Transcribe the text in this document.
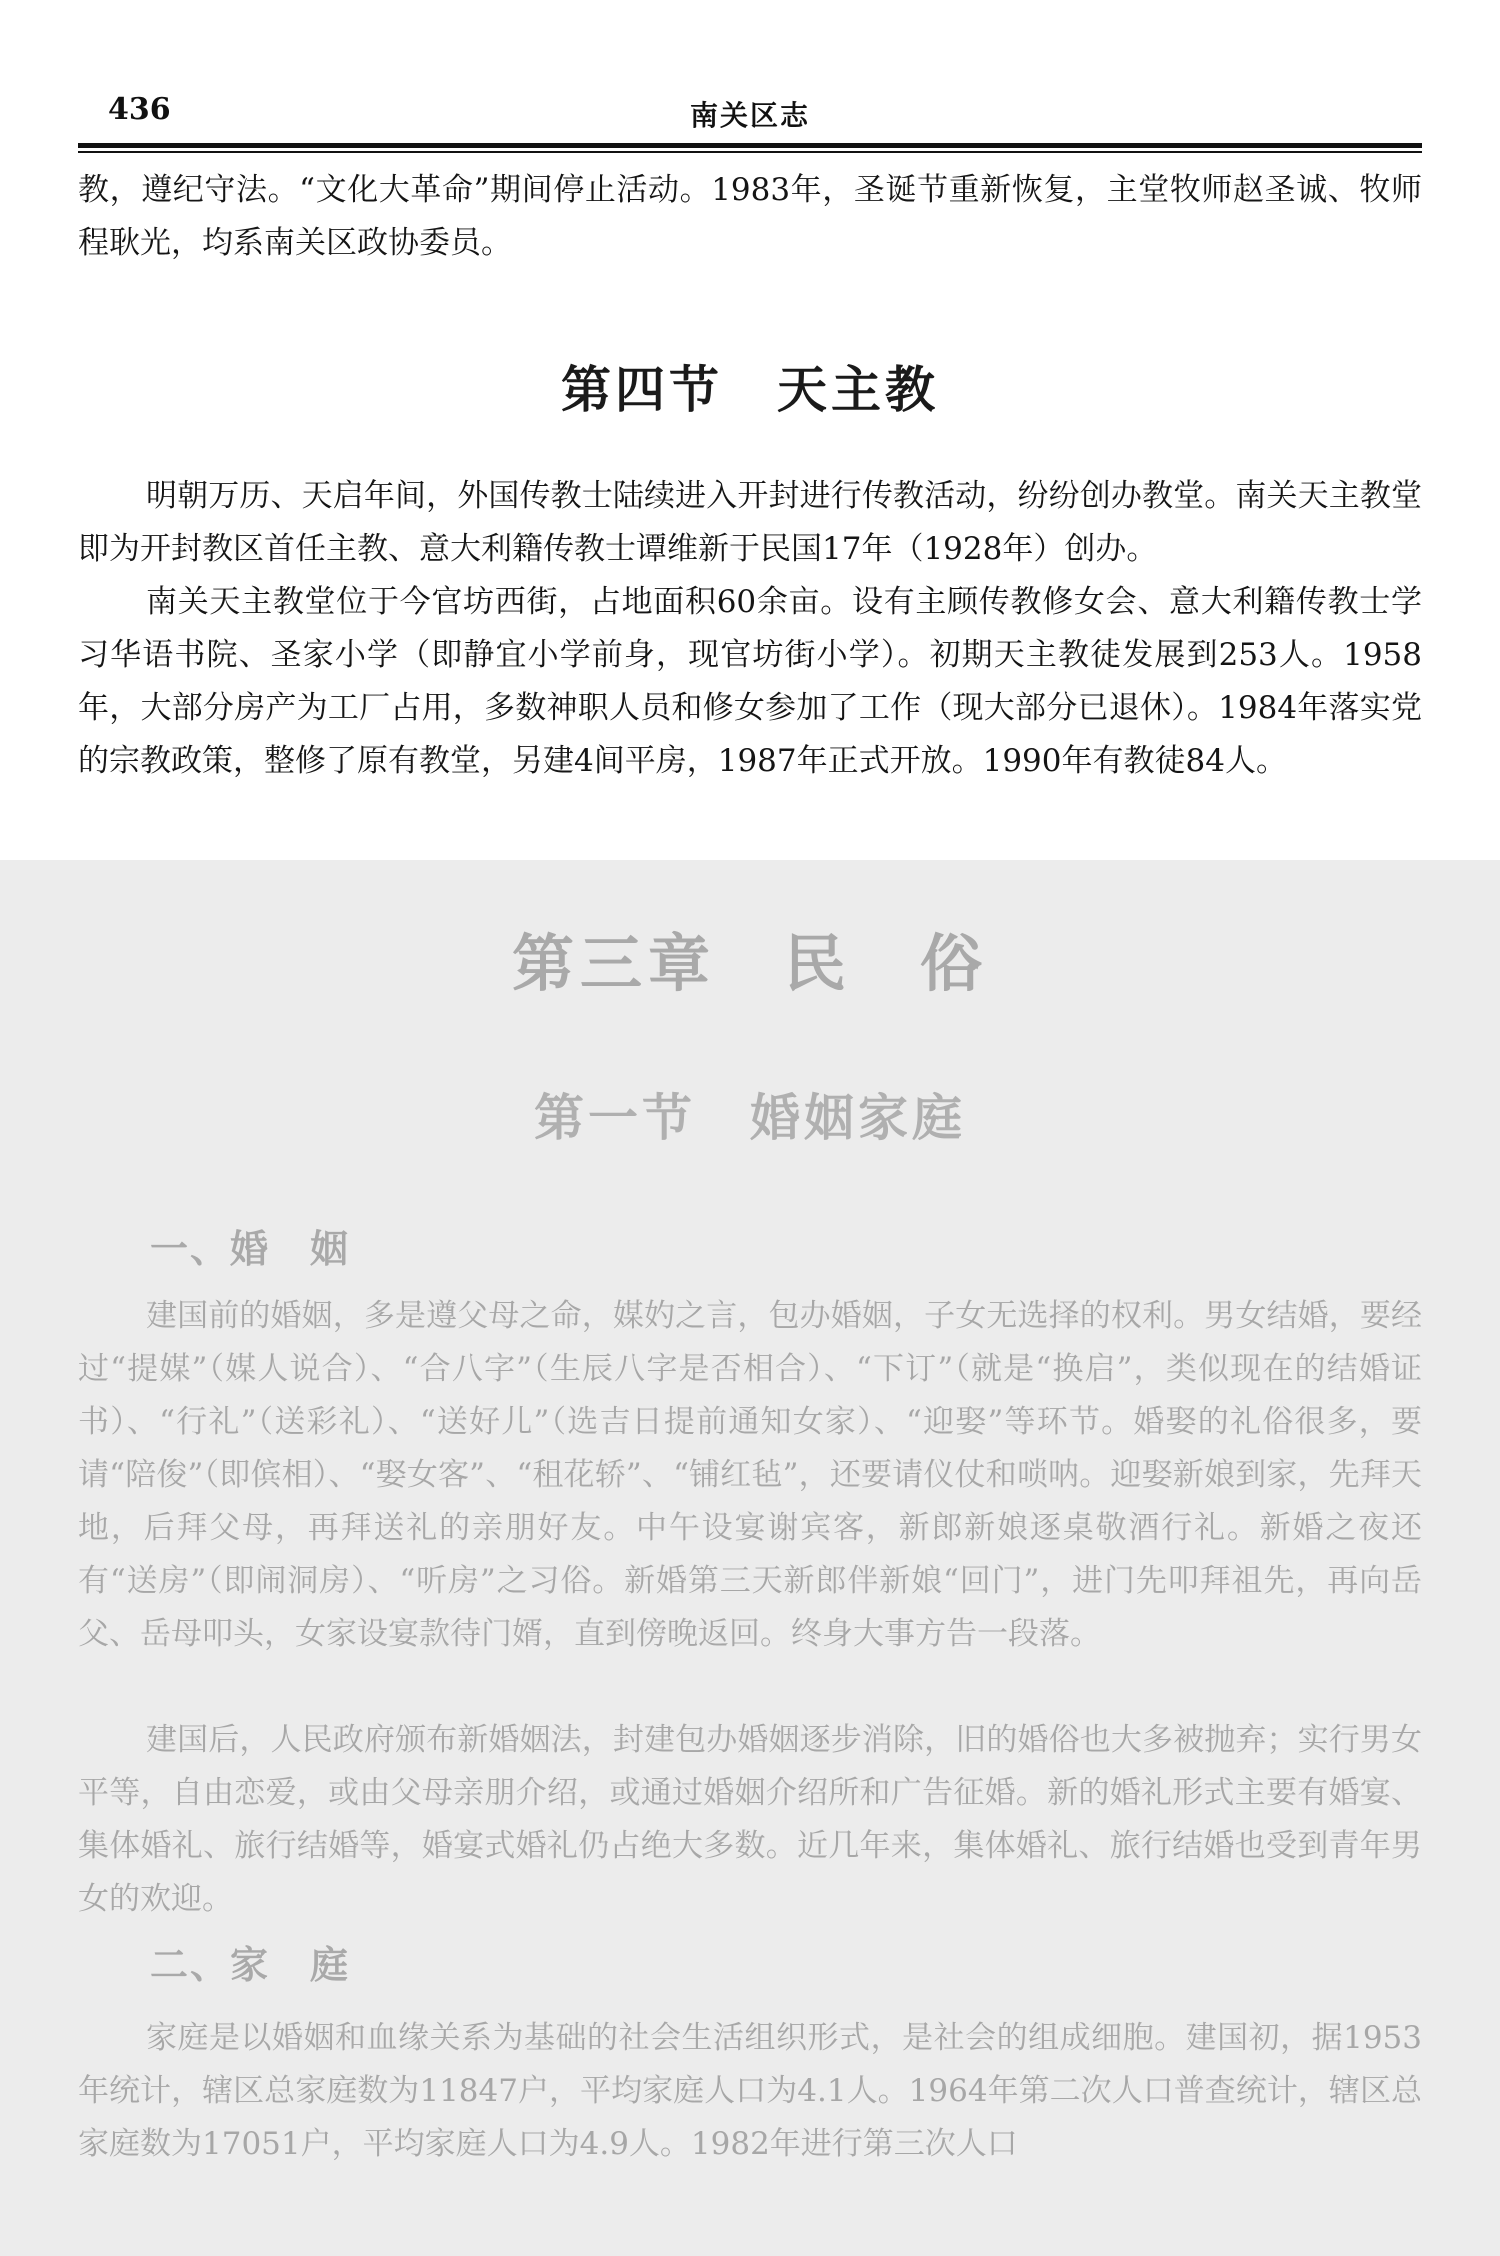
436	南关区志

教，遵纪守法。“文化大革命”期间停止活动。1983年，圣诞节重新恢复，主堂牧师赵圣诚、牧师程耿光，均系南关区政协委员。

第四节　天主教

明朝万历、天启年间，外国传教士陆续进入开封进行传教活动，纷纷创办教堂。南关天主教堂即为开封教区首任主教、意大利籍传教士谭维新于民国17年（1928年）创办。

南关天主教堂位于今官坊西街，占地面积60余亩。设有主顾传教修女会、意大利籍传教士学习华语书院、圣家小学（即静宜小学前身，现官坊街小学）。初期天主教徒发展到253人。1958年，大部分房产为工厂占用，多数神职人员和修女参加了工作（现大部分已退休）。1984年落实党的宗教政策，整修了原有教堂，另建4间平房，1987年正式开放。1990年有教徒84人。

第三章　民　俗
第一节　婚姻家庭
一、婚　姻

建国前的婚姻，多是遵父母之命，媒妁之言，包办婚姻，子女无选择的权利。男女结婚，要经过“提媒”（媒人说合）、“合八字”（生辰八字是否相合）、“下订”（就是“换启”，类似现在的结婚证书）、“行礼”（送彩礼）、“送好儿”（选吉日提前通知女家）、“迎娶”等环节。婚娶的礼俗很多，要请“陪俊”（即傧相）、“娶女客”、“租花轿”、“铺红毡”，还要请仪仗和唢呐。迎娶新娘到家，先拜天地，后拜父母，再拜送礼的亲朋好友。中午设宴谢宾客，新郎新娘逐桌敬酒行礼。新婚之夜还有“送房”（即闹洞房）、“听房”之习俗。新婚第三天新郎伴新娘“回门”，进门先叩拜祖先，再向岳父、岳母叩头，女家设宴款待门婿，直到傍晚返回。终身大事方告一段落。

建国后，人民政府颁布新婚姻法，封建包办婚姻逐步消除，旧的婚俗也大多被抛弃；实行男女平等，自由恋爱，或由父母亲朋介绍，或通过婚姻介绍所和广告征婚。新的婚礼形式主要有婚宴、集体婚礼、旅行结婚等，婚宴式婚礼仍占绝大多数。近几年来，集体婚礼、旅行结婚也受到青年男女的欢迎。

二、家　庭

家庭是以婚姻和血缘关系为基础的社会生活组织形式，是社会的组成细胞。建国初，据1953年统计，辖区总家庭数为11847户，平均家庭人口为4.1人。1964年第二次人口普查统计，辖区总家庭数为17051户，平均家庭人口为4.9人。1982年进行第三次人口
